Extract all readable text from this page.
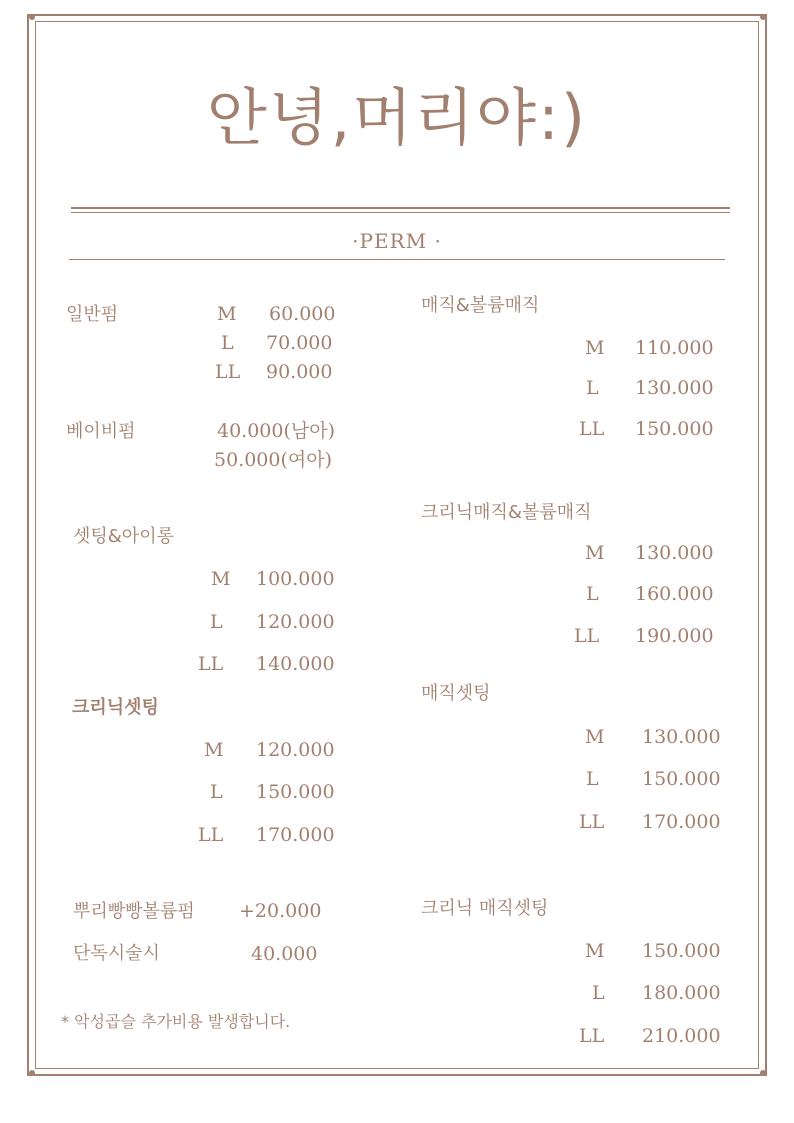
안녕,머리야:)
·PERM ·
일반펌	M 60.000
L 70.000
LL 90.000
베이비펌	40.000(남아)
50.000(여아)
셋팅&아이롱
M 100.000
L 120.000
LL 140.000
크리닉셋팅
M 120.000
L 150.000
LL 170.000
뿌리빵빵볼륨펌 +20.000
단독시술시	40.000
* 악성곱슬 추가비용 발생합니다.
매직&볼륨매직
M 110.000
L 130.000
LL 150.000
크리닉매직&볼륨매직
M 130.000
L 160.000
LL 190.000
매직셋팅
M 130.000
L 150.000
LL 170.000
크리닉 매직셋팅
M 150.000
L 180.000
LL 210.000
